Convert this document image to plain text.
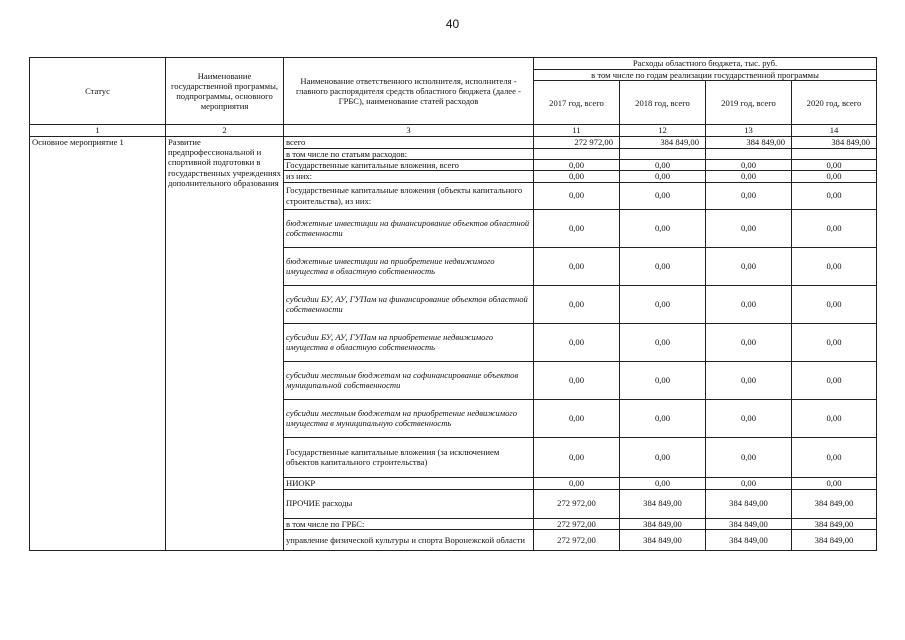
40
Статус	Наименование государственной программы, подпрограммы, основного мероприятия	Наименование ответственного исполнителя, исполнителя - главного распорядителя средств областного бюджета (далее - ГРБС), наименование статей расходов	Расходы областного бюджета, тыс. руб.			
			в том числе по годам реализации государственной программы			
			2017 год, всего	2018 год, всего	2019 год, всего	2020 год, всего
1	2	3	11	12	13	14
Основное мероприятие 1	Развитие предпрофессиональной и спортивной подготовки в государственных учреждениях дополнительного образования	всего	272 972,00	384 849,00	384 849,00	384 849,00
		в том числе по статьям расходов:				
		Государственные капитальные вложения, всего	0,00	0,00	0,00	0,00
		из них:	0,00	0,00	0,00	0,00
		Государственные капитальные вложения (объекты капитального строительства), из них:	0,00	0,00	0,00	0,00
		бюджетные инвестиции на финансирование объектов областной собственности	0,00	0,00	0,00	0,00
		бюджетные инвестиции на приобретение недвижимого имущества в областную собственность	0,00	0,00	0,00	0,00
		субсидии БУ, АУ, ГУПам на финансирование объектов областной собственности	0,00	0,00	0,00	0,00
		субсидии БУ, АУ, ГУПам на приобретение недвижимого имущества в областную собственность	0,00	0,00	0,00	0,00
		субсидии местным бюджетам на софинансирование объектов муниципальной собственности	0,00	0,00	0,00	0,00
		субсидии местным бюджетам на приобретение недвижимого имущества в муниципальную собственность	0,00	0,00	0,00	0,00
		Государственные капитальные вложения (за исключением объектов капитального строительства)	0,00	0,00	0,00	0,00
		НИОКР	0,00	0,00	0,00	0,00
		ПРОЧИЕ расходы	272 972,00	384 849,00	384 849,00	384 849,00
		в том числе по ГРБС:	272 972,00	384 849,00	384 849,00	384 849,00
		управление физической культуры и спорта Воронежской области	272 972,00	384 849,00	384 849,00	384 849,00
